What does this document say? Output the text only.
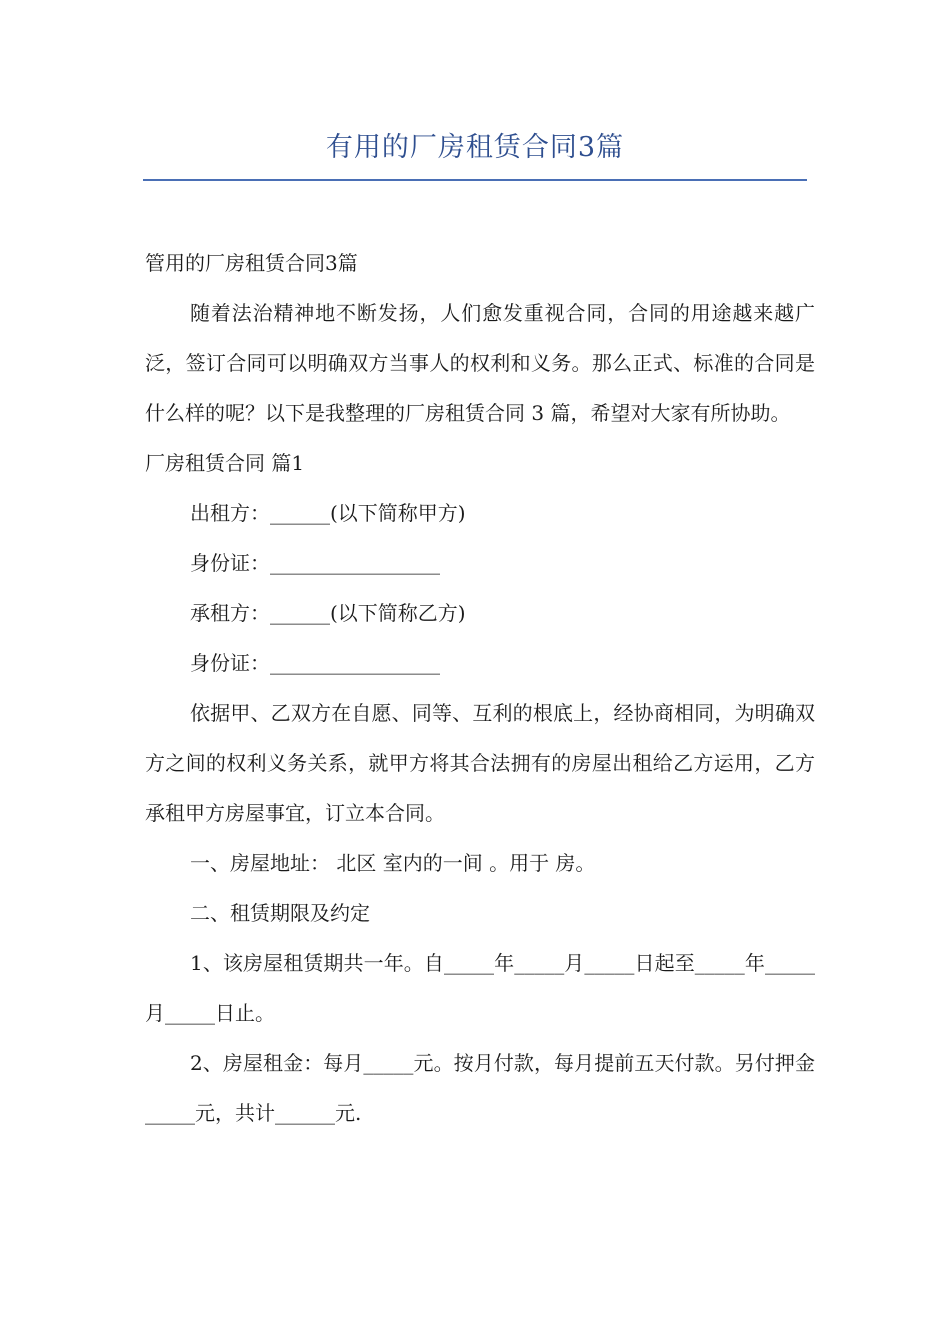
有用的厂房租赁合同3篇

管用的厂房租赁合同3篇

随着法治精神地不断发扬，人们愈发重视合同，合同的用途越来越广泛，签订合同可以明确双方当事人的权利和义务。那么正式、标准的合同是什么样的呢？以下是我整理的厂房租赁合同 3 篇，希望对大家有所协助。

厂房租赁合同 篇1

出租方：______(以下简称甲方)

身份证：_________________

承租方：______(以下简称乙方)

身份证：_________________

依据甲、乙双方在自愿、同等、互利的根底上，经协商相同，为明确双方之间的权利义务关系，就甲方将其合法拥有的房屋出租给乙方运用，乙方承租甲方房屋事宜，订立本合同。

一、房屋地址： 北区 室内的一间 。用于 房。

二、租赁期限及约定

1、该房屋租赁期共一年。自_____年_____月_____日起至_____年_____月_____日止。

2、房屋租金：每月_____元。按月付款，每月提前五天付款。另付押金_____元，共计______元.
